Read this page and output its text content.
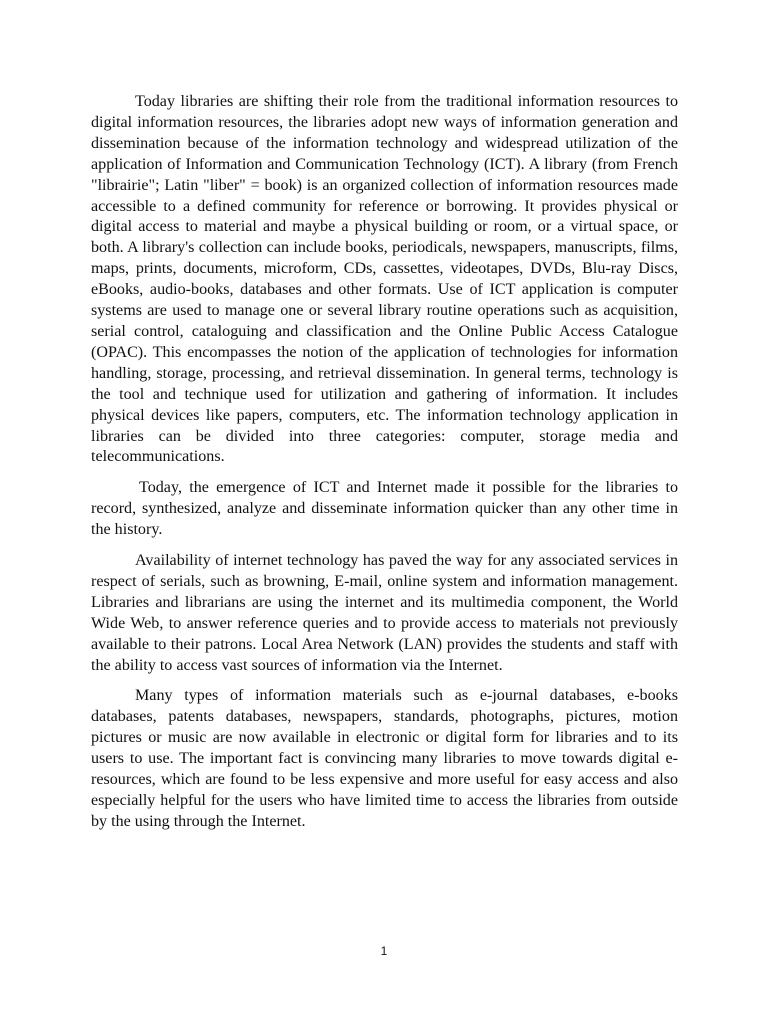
Today libraries are shifting their role from the traditional information resources to digital information resources, the libraries adopt new ways of information generation and dissemination because of the information technology and widespread utilization of the application of Information and Communication Technology (ICT). A library (from French "librairie"; Latin "liber" = book) is an organized collection of information resources made accessible to a defined community for reference or borrowing. It provides physical or digital access to material and maybe a physical building or room, or a virtual space, or both. A library's collection can include books, periodicals, newspapers, manuscripts, films, maps, prints, documents, microform, CDs, cassettes, videotapes, DVDs, Blu-ray Discs, eBooks, audio-books, databases and other formats. Use of ICT application is computer systems are used to manage one or several library routine operations such as acquisition, serial control, cataloguing and classification and the Online Public Access Catalogue (OPAC). This encompasses the notion of the application of technologies for information handling, storage, processing, and retrieval dissemination. In general terms, technology is the tool and technique used for utilization and gathering of information. It includes physical devices like papers, computers, etc. The information technology application in libraries can be divided into three categories: computer, storage media and telecommunications.

Today, the emergence of ICT and Internet made it possible for the libraries to record, synthesized, analyze and disseminate information quicker than any other time in the history.

Availability of internet technology has paved the way for any associated services in respect of serials, such as browning, E-mail, online system and information management. Libraries and librarians are using the internet and its multimedia component, the World Wide Web, to answer reference queries and to provide access to materials not previously available to their patrons. Local Area Network (LAN) provides the students and staff with the ability to access vast sources of information via the Internet.

Many types of information materials such as e-journal databases, e-books databases, patents databases, newspapers, standards, photographs, pictures, motion pictures or music are now available in electronic or digital form for libraries and to its users to use. The important fact is convincing many libraries to move towards digital e-resources, which are found to be less expensive and more useful for easy access and also especially helpful for the users who have limited time to access the libraries from outside by the using through the Internet.

1
